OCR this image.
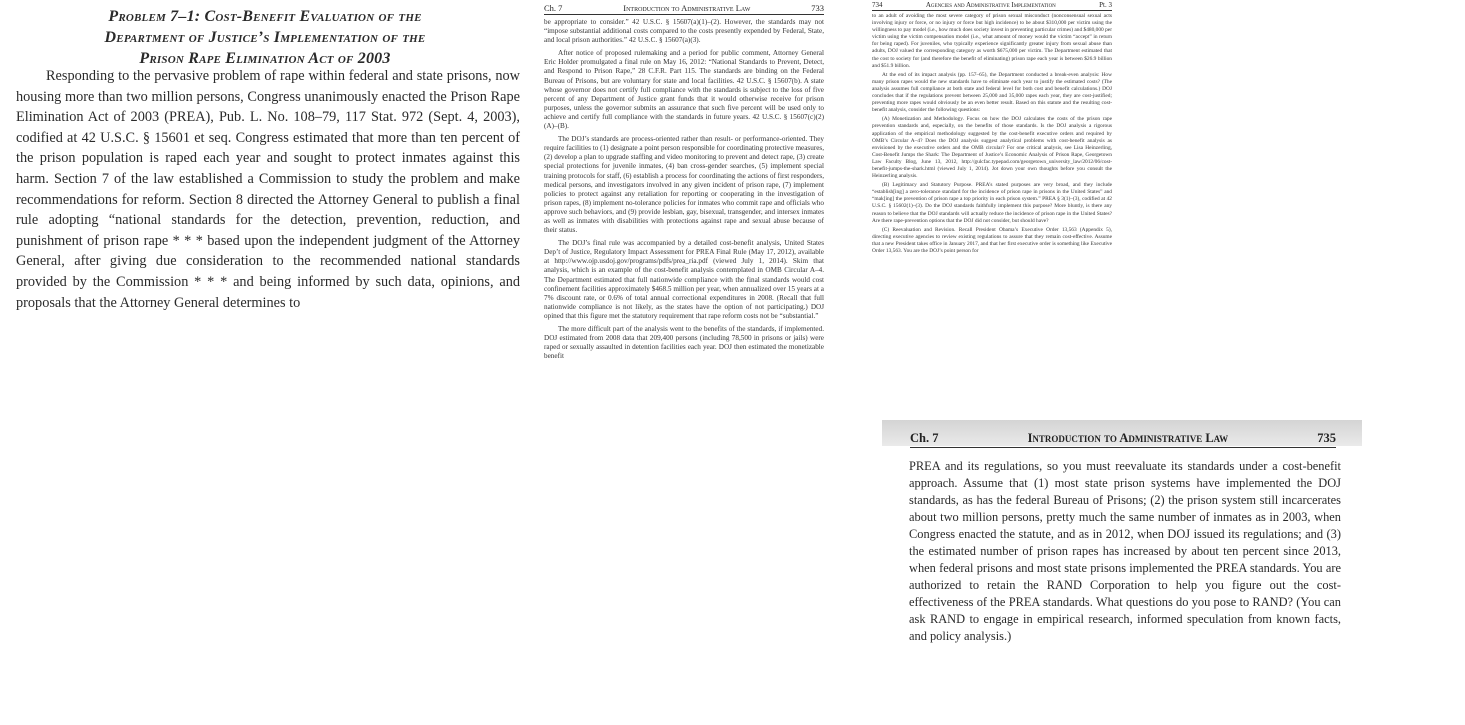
Problem 7–1: Cost-Benefit Evaluation of the
Department of Justice’s Implementation of the
Prison Rape Elimination Act of 2003
Responding to the pervasive problem of rape within federal and state prisons, now housing more than two million persons, Congress unanimously enacted the Prison Rape Elimination Act of 2003 (PREA), Pub. L. No. 108–79, 117 Stat. 972 (Sept. 4, 2003), codified at 42 U.S.C. § 15601 et seq. Congress estimated that more than ten percent of the prison population is raped each year and sought to protect inmates against this harm. Section 7 of the law established a Commission to study the problem and make recommendations for reform. Section 8 directed the Attorney General to publish a final rule adopting “national standards for the detection, prevention, reduction, and punishment of prison rape * * * based upon the independent judgment of the Attorney General, after giving due consideration to the recommended national standards provided by the Commission * * * and being informed by such data, opinions, and proposals that the Attorney General determines to
Ch. 7	Introduction to Administrative Law	733

be appropriate to consider.” 42 U.S.C. § 15607(a)(1)–(2). However, the standards may not “impose substantial additional costs compared to the costs presently expended by Federal, State, and local prison authorities.” 42 U.S.C. § 15607(a)(3).

After notice of proposed rulemaking and a period for public comment, Attorney General Eric Holder promulgated a final rule on May 16, 2012: “National Standards to Prevent, Detect, and Respond to Prison Rape,” 28 C.F.R. Part 115. The standards are binding on the Federal Bureau of Prisons, but are voluntary for state and local facilities. 42 U.S.C. § 15607(b). A state whose governor does not certify full compliance with the standards is subject to the loss of five percent of any Department of Justice grant funds that it would otherwise receive for prison purposes, unless the governor submits an assurance that such five percent will be used only to achieve and certify full compliance with the standards in future years. 42 U.S.C. § 15607(c)(2)(A)–(B).

The DOJ’s standards are process-oriented rather than result- or performance-oriented. They require facilities to (1) designate a point person responsible for coordinating protective measures, (2) develop a plan to upgrade staffing and video monitoring to prevent and detect rape, (3) create special protections for juvenile inmates, (4) ban cross-gender searches, (5) implement special training protocols for staff, (6) establish a process for coordinating the actions of first responders, medical persons, and investigators involved in any given incident of prison rape, (7) implement policies to protect against any retaliation for reporting or cooperating in the investigation of prison rapes, (8) implement no-tolerance policies for inmates who commit rape and officials who approve such behaviors, and (9) provide lesbian, gay, bisexual, transgender, and intersex inmates as well as inmates with disabilities with protections against rape and sexual abuse because of their status.

The DOJ’s final rule was accompanied by a detailed cost-benefit analysis, United States Dep’t of Justice, Regulatory Impact Assessment for PREA Final Rule (May 17, 2012), available at http://www.ojp.usdoj.gov/programs/pdfs/prea_ria.pdf (viewed July 1, 2014). Skim that analysis, which is an example of the cost-benefit analysis contemplated in OMB Circular A–4. The Department estimated that full nationwide compliance with the final standards would cost confinement facilities approximately $468.5 million per year, when annualized over 15 years at a 7% discount rate, or 0.6% of total annual correctional expenditures in 2008. (Recall that full nationwide compliance is not likely, as the states have the option of not participating.) DOJ opined that this figure met the statutory requirement that rape reform costs not be “substantial.”

The more difficult part of the analysis went to the benefits of the standards, if implemented. DOJ estimated from 2008 data that 209,400 persons (including 78,500 in prisons or jails) were raped or sexually assaulted in detention facilities each year. DOJ then estimated the monetizable benefit

734	Agencies and Administrative Implementation	Pt. 3

to an adult of avoiding the most severe category of prison sexual misconduct (nonconsensual sexual acts involving injury or force, or no injury or force but high incidence) to be about $310,000 per victim using the willingness to pay model (i.e., how much does society invest in preventing particular crimes) and $480,000 per victim using the victim compensation model (i.e., what amount of money would the victim “accept” in return for being raped). For juveniles, who typically experience significantly greater injury from sexual abuse than adults, DOJ valued the corresponding category as worth $675,000 per victim. The Department estimated that the cost to society for (and therefore the benefit of eliminating) prison rape each year is between $26.9 billion and $51.9 billion.

At the end of its impact analysis (pp. 157–65), the Department conducted a break-even analysis: How many prison rapes would the new standards have to eliminate each year to justify the estimated costs? (The analysis assumes full compliance at both state and federal level for both cost and benefit calculations.) DOJ concludes that if the regulations prevent between 25,000 and 35,000 rapes each year, they are cost-justified; preventing more rapes would obviously be an even better result. Based on this statute and the resulting cost-benefit analysis, consider the following questions:

(A) Monetization and Methodology. Focus on how the DOJ calculates the costs of the prison rape prevention standards and, especially, on the benefits of those standards. Is the DOJ analysis a rigorous application of the empirical methodology suggested by the cost-benefit executive orders and required by OMB’s Circular A–4? Does the DOJ analysis suggest analytical problems with cost-benefit analysis as envisioned by the executive orders and the OMB circular? For one critical analysis, see Lisa Heinzerling, Cost-Benefit Jumps the Shark: The Department of Justice’s Economic Analysis of Prison Rape, Georgetown Law Faculty Blog, June 13, 2012, http://gulcfac.typepad.com/georgetown_university_law/2012/06/cost-benefit-jumps-the-shark.html (viewed July 1, 2014). Jot down your own thoughts before you consult the Heinzerling analysis.

(B) Legitimacy and Statutory Purpose. PREA’s stated purposes are very broad, and they include “establish[ing] a zero-tolerance standard for the incidence of prison rape in prisons in the United States” and “mak[ing] the prevention of prison rape a top priority in each prison system.” PREA § 3(1)–(3), codified at 42 U.S.C. § 15602(1)–(3). Do the DOJ standards faithfully implement this purpose? More bluntly, is there any reason to believe that the DOJ standards will actually reduce the incidence of prison rape in the United States? Are there rape-prevention options that the DOJ did not consider, but should have?

(C) Reevaluation and Revision. Recall President Obama’s Executive Order 13,563 (Appendix 5), directing executive agencies to review existing regulations to assure that they remain cost-effective. Assume that a new President takes office in January 2017, and that her first executive order is something like Executive Order 13,563. You are the DOJ’s point person for

Ch. 7	Introduction to Administrative Law	735
PREA and its regulations, so you must reevaluate its standards under a cost-benefit approach. Assume that (1) most state prison systems have implemented the DOJ standards, as has the federal Bureau of Prisons; (2) the prison system still incarcerates about two million persons, pretty much the same number of inmates as in 2003, when Congress enacted the statute, and as in 2012, when DOJ issued its regulations; and (3) the estimated number of prison rapes has increased by about ten percent since 2013, when federal prisons and most state prisons implemented the PREA standards. You are authorized to retain the RAND Corporation to help you figure out the cost-effectiveness of the PREA standards. What questions do you pose to RAND? (You can ask RAND to engage in empirical research, informed speculation from known facts, and policy analysis.)
